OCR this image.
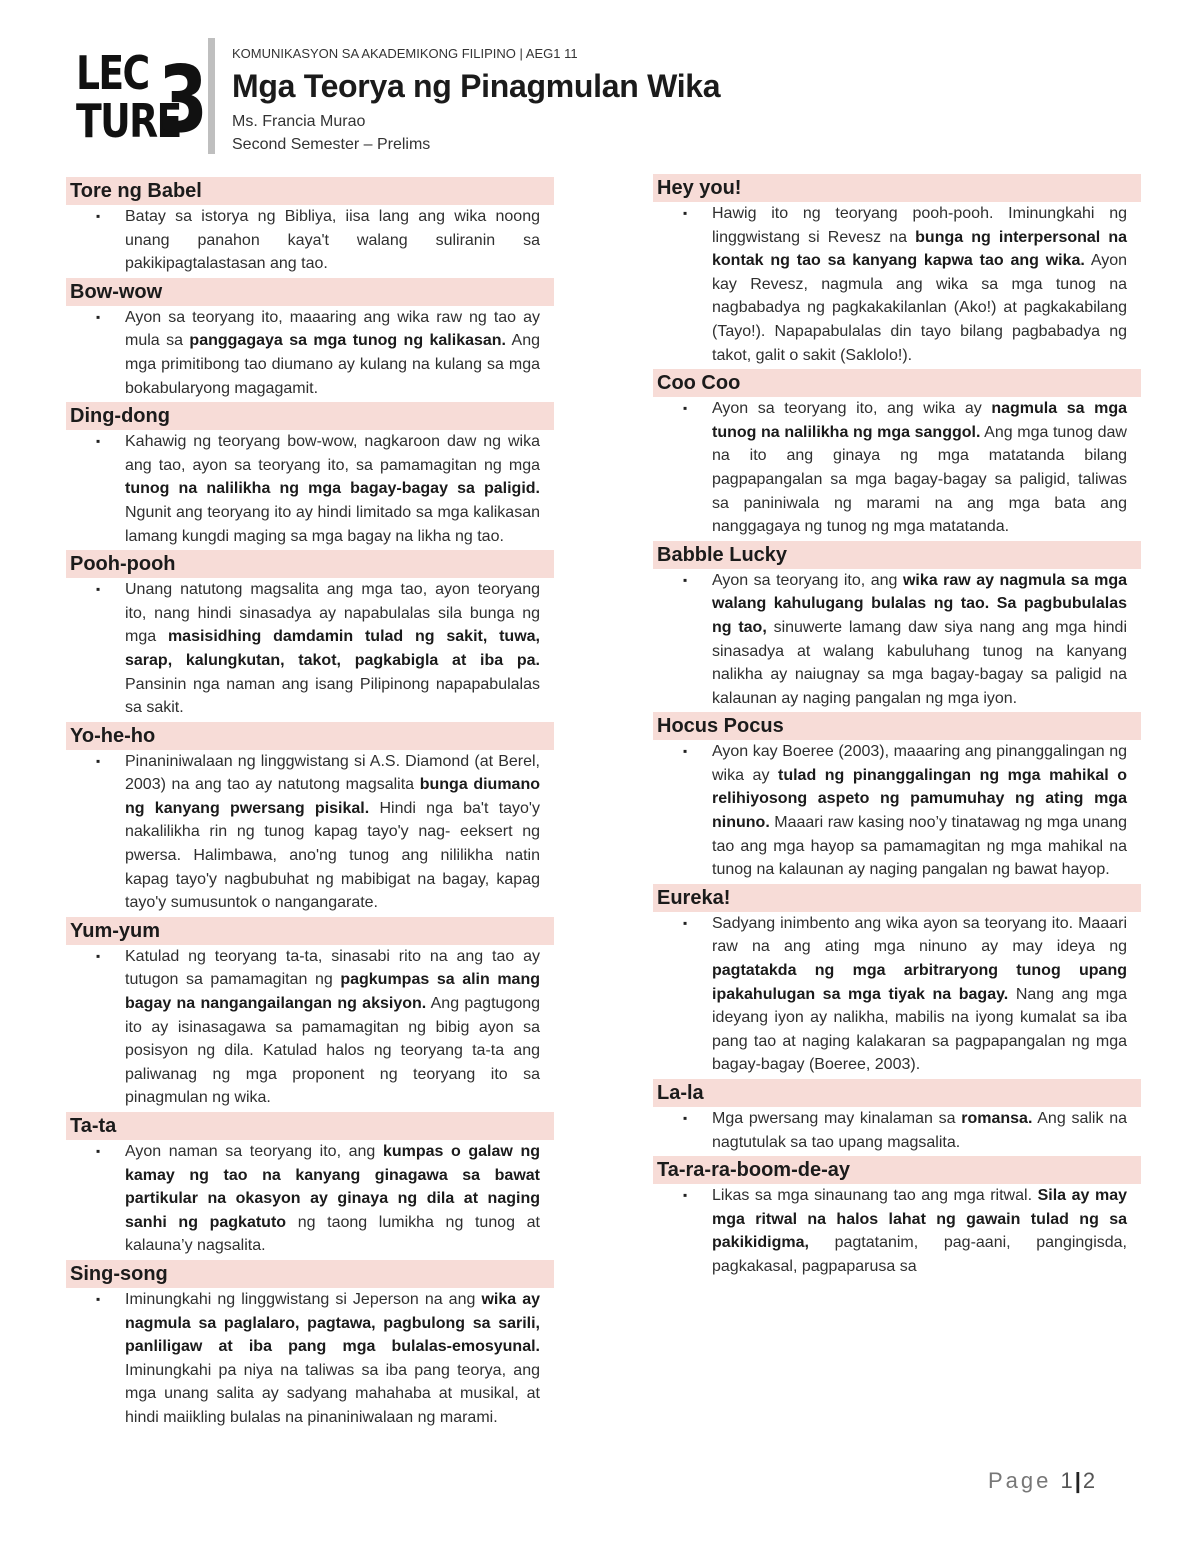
LEC
TURE
3 KOMUNIKASYON SA AKADEMIKONG FILIPINO | AEG1 11
Mga Teorya ng Pinagmulan Wika
Ms. Francia Murao
Second Semester – Prelims
Tore ng Babel
▪ Batay sa istorya ng Bibliya, iisa lang ang wika noong unang panahon kaya't walang suliranin sa pakikipagtalastasan ang tao.
Bow-wow
▪ Ayon sa teoryang ito, maaaring ang wika raw ng tao ay mula sa panggagaya sa mga tunog ng kalikasan. Ang mga primitibong tao diumano ay kulang na kulang sa mga bokabularyong magagamit.
Ding-dong
▪ Kahawig ng teoryang bow-wow, nagkaroon daw ng wika ang tao, ayon sa teoryang ito, sa pamamagitan ng mga tunog na nalilikha ng mga bagay-bagay sa paligid. Ngunit ang teoryang ito ay hindi limitado sa mga kalikasan lamang kungdi maging sa mga bagay na likha ng tao.
Pooh-pooh
▪ Unang natutong magsalita ang mga tao, ayon teoryang ito, nang hindi sinasadya ay napabulalas sila bunga ng mga masisidhing damdamin tulad ng sakit, tuwa, sarap, kalungkutan, takot, pagkabigla at iba pa. Pansinin nga naman ang isang Pilipinong napapabulalas sa sakit.
Yo-he-ho
▪ Pinaniniwalaan ng linggwistang si A.S. Diamond (at Berel, 2003) na ang tao ay natutong magsalita bunga diumano ng kanyang pwersang pisikal. Hindi nga ba't tayo'y nakalilikha rin ng tunog kapag tayo'y nag- eeksert ng pwersa. Halimbawa, ano'ng tunog ang nililikha natin kapag tayo'y nagbubuhat ng mabibigat na bagay, kapag tayo'y sumusuntok o nangangarate.
Yum-yum
▪ Katulad ng teoryang ta-ta, sinasabi rito na ang tao ay tutugon sa pamamagitan ng pagkumpas sa alin mang bagay na nangangailangan ng aksiyon. Ang pagtugong ito ay isinasagawa sa pamamagitan ng bibig ayon sa posisyon ng dila. Katulad halos ng teoryang ta-ta ang paliwanag ng mga proponent ng teoryang ito sa pinagmulan ng wika.
Ta-ta
▪ Ayon naman sa teoryang ito, ang kumpas o galaw ng kamay ng tao na kanyang ginagawa sa bawat partikular na okasyon ay ginaya ng dila at naging sanhi ng pagkatuto ng taong lumikha ng tunog at kalauna’y nagsalita.
Sing-song
▪ Iminungkahi ng linggwistang si Jeperson na ang wika ay nagmula sa paglalaro, pagtawa, pagbulong sa sarili, panliligaw at iba pang mga bulalas-emosyunal. Iminungkahi pa niya na taliwas sa iba pang teorya, ang mga unang salita ay sadyang mahahaba at musikal, at hindi maiikling bulalas na pinaniniwalaan ng marami.
Hey you!
▪ Hawig ito ng teoryang pooh-pooh. Iminungkahi ng linggwistang si Revesz na bunga ng interpersonal na kontak ng tao sa kanyang kapwa tao ang wika. Ayon kay Revesz, nagmula ang wika sa mga tunog na nagbabadya ng pagkakakilanlan (Ako!) at pagkakabilang (Tayo!). Napapabulalas din tayo bilang pagbabadya ng takot, galit o sakit (Saklolo!).
Coo Coo
▪ Ayon sa teoryang ito, ang wika ay nagmula sa mga tunog na nalilikha ng mga sanggol. Ang mga tunog daw na ito ang ginaya ng mga matatanda bilang pagpapangalan sa mga bagay-bagay sa paligid, taliwas sa paniniwala ng marami na ang mga bata ang nanggagaya ng tunog ng mga matatanda.
Babble Lucky
▪ Ayon sa teoryang ito, ang wika raw ay nagmula sa mga walang kahulugang bulalas ng tao. Sa pagbubulalas ng tao, sinuwerte lamang daw siya nang ang mga hindi sinasadya at walang kabuluhang tunog na kanyang nalikha ay naiugnay sa mga bagay-bagay sa paligid na kalaunan ay naging pangalan ng mga iyon.
Hocus Pocus
▪ Ayon kay Boeree (2003), maaaring ang pinanggalingan ng wika ay tulad ng pinanggalingan ng mga mahikal o relihiyosong aspeto ng pamumuhay ng ating mga ninuno. Maaari raw kasing noo’y tinatawag ng mga unang tao ang mga hayop sa pamamagitan ng mga mahikal na tunog na kalaunan ay naging pangalan ng bawat hayop.
Eureka!
▪ Sadyang inimbento ang wika ayon sa teoryang ito. Maaari raw na ang ating mga ninuno ay may ideya ng pagtatakda ng mga arbitraryong tunog upang ipakahulugan sa mga tiyak na bagay. Nang ang mga ideyang iyon ay nalikha, mabilis na iyong kumalat sa iba pang tao at naging kalakaran sa pagpapangalan ng mga bagay-bagay (Boeree, 2003).
La-la
▪ Mga pwersang may kinalaman sa romansa. Ang salik na nagtutulak sa tao upang magsalita.
Ta-ra-ra-boom-de-ay
▪ Likas sa mga sinaunang tao ang mga ritwal. Sila ay may mga ritwal na halos lahat ng gawain tulad ng sa pakikidigma, pagtatanim, pag-aani, pangingisda, pagkakasal, pagpaparusa sa
Page 1|2
